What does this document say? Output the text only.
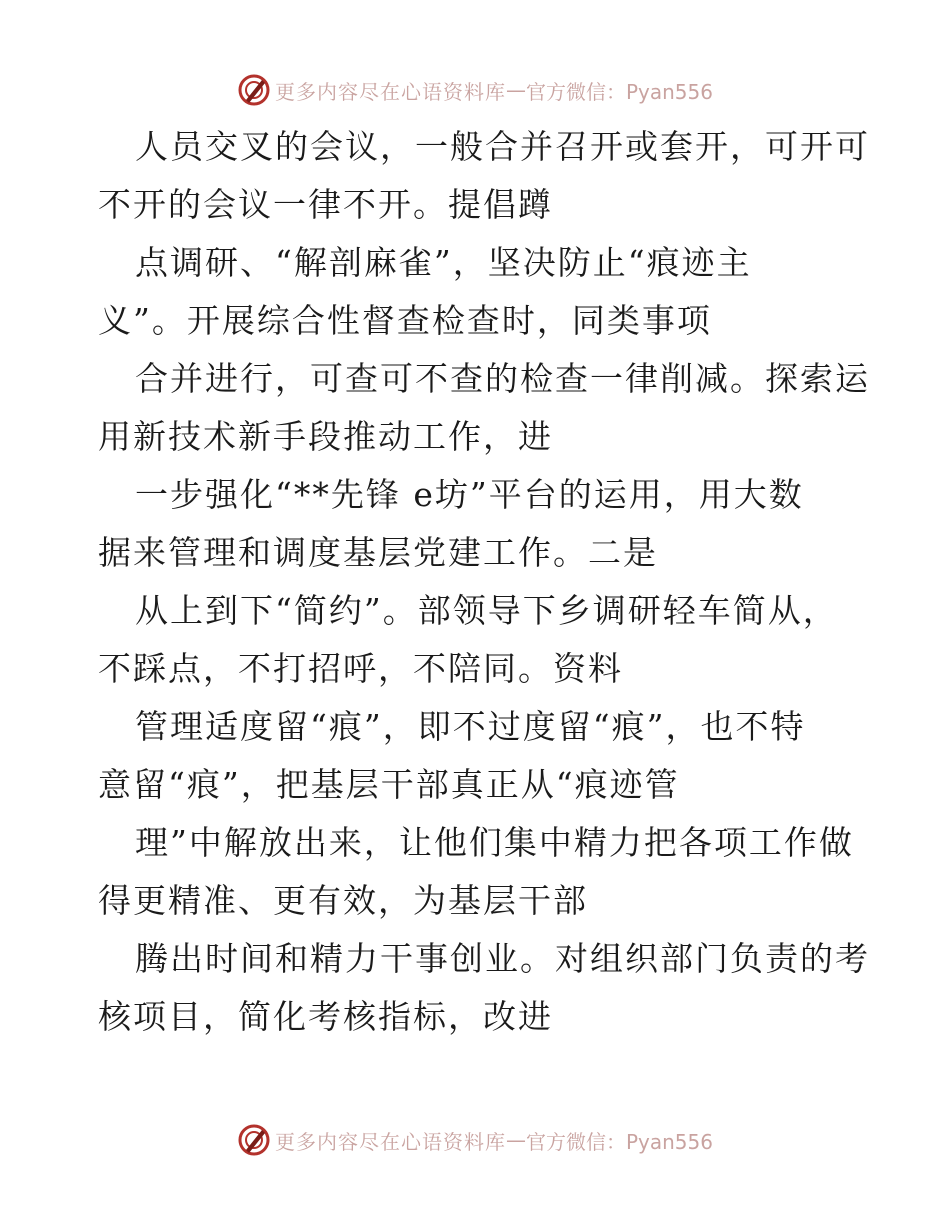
更多内容尽在心语资料库 — 官方微信：Pyan556
人员交叉的会议，一般合并召开或套开，可开可
不开的会议一律不开。提倡蹲
点调研、“解剖麻雀”，坚决防止“痕迹主
义”。开展综合性督查检查时，同类事项
合并进行，可查可不查的检查一律削减。探索运
用新技术新手段推动工作，进
一步强化“**先锋 e坊”平台的运用，用大数
据来管理和调度基层党建工作。二是
从上到下“简约”。部领导下乡调研轻车简从，
不踩点，不打招呼，不陪同。资料
管理适度留“痕”，即不过度留“痕”，也不特
意留“痕”，把基层干部真正从“痕迹管
理”中解放出来，让他们集中精力把各项工作做
得更精准、更有效，为基层干部
腾出时间和精力干事创业。对组织部门负责的考
核项目，简化考核指标，改进
更多内容尽在心语资料库 — 官方微信：Pyan556
